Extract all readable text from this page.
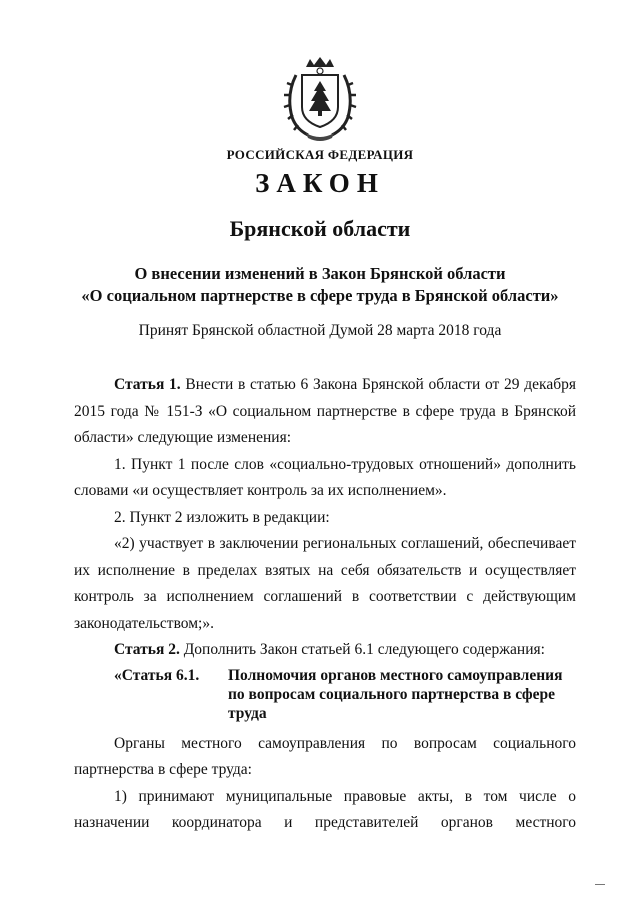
РОССИЙСКАЯ ФЕДЕРАЦИЯ
ЗАКОН
Брянской области
О внесении изменений в Закон Брянской области
«О социальном партнерстве в сфере труда в Брянской области»
Принят Брянской областной Думой 28 марта 2018 года

Статья 1. Внести в статью 6 Закона Брянской области от 29 декабря 2015 года № 151-З «О социальном партнерстве в сфере труда в Брянской области» следующие изменения:

1. Пункт 1 после слов «социально-трудовых отношений» дополнить словами «и осуществляет контроль за их исполнением».

2. Пункт 2 изложить в редакции:

«2) участвует в заключении региональных соглашений, обеспечивает их исполнение в пределах взятых на себя обязательств и осуществляет контроль за исполнением соглашений в соответствии с действующим законодательством;».

Статья 2. Дополнить Закон статьей 6.1 следующего содержания:

«Статья 6.1.	Полномочия органов местного самоуправления по вопросам социального партнерства в сфере труда

Органы местного самоуправления по вопросам социального партнерства в сфере труда:

1) принимают муниципальные правовые акты, в том числе о назначении координатора и представителей органов местного
